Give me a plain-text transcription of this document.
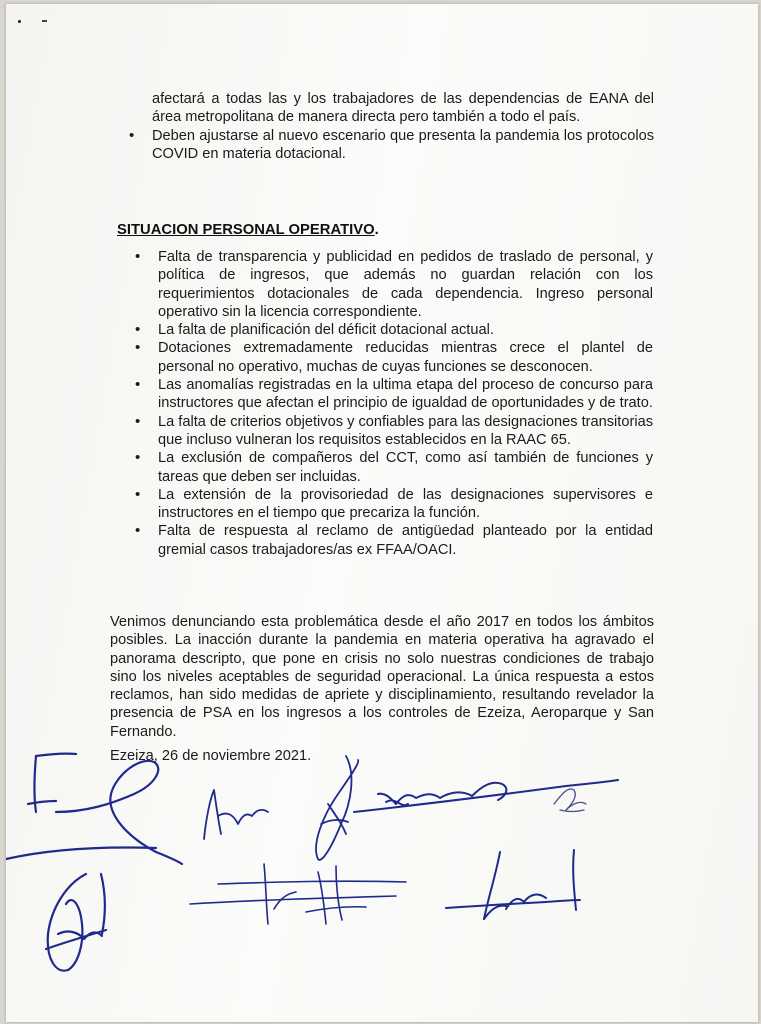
afectará a todas las y los trabajadores de las dependencias de EANA del área metropolitana de manera directa pero también a todo el país.
• Deben ajustarse al nuevo escenario que presenta la pandemia los protocolos COVID en materia dotacional.
SITUACION PERSONAL OPERATIVO.
• Falta de transparencia y publicidad en pedidos de traslado de personal, y política de ingresos, que además no guardan relación con los requerimientos dotacionales de cada dependencia. Ingreso personal operativo sin la licencia correspondiente.
• La falta de planificación del déficit dotacional actual.
• Dotaciones extremadamente reducidas mientras crece el plantel de personal no operativo, muchas de cuyas funciones se desconocen.
• Las anomalías registradas en la ultima etapa del proceso de concurso para instructores que afectan el principio de igualdad de oportunidades y de trato.
• La falta de criterios objetivos y confiables para las designaciones transitorias que incluso vulneran los requisitos establecidos en la RAAC 65.
• La exclusión de compañeros del CCT, como así también de funciones y tareas que deben ser incluidas.
• La extensión de la provisoriedad de las designaciones supervisores e instructores en el tiempo que precariza la función.
• Falta de respuesta al reclamo de antigüedad planteado por la entidad gremial casos trabajadores/as ex FFAA/OACI.
Venimos denunciando esta problemática desde el año 2017 en todos los ámbitos posibles. La inacción durante la pandemia en materia operativa ha agravado el panorama descripto, que pone en crisis no solo nuestras condiciones de trabajo sino los niveles aceptables de seguridad operacional. La única respuesta a estos reclamos, han sido medidas de apriete y disciplinamiento, resultando revelador la presencia de PSA en los ingresos a los controles de Ezeiza, Aeroparque y San Fernando.
Ezeiza, 26 de noviembre 2021.
